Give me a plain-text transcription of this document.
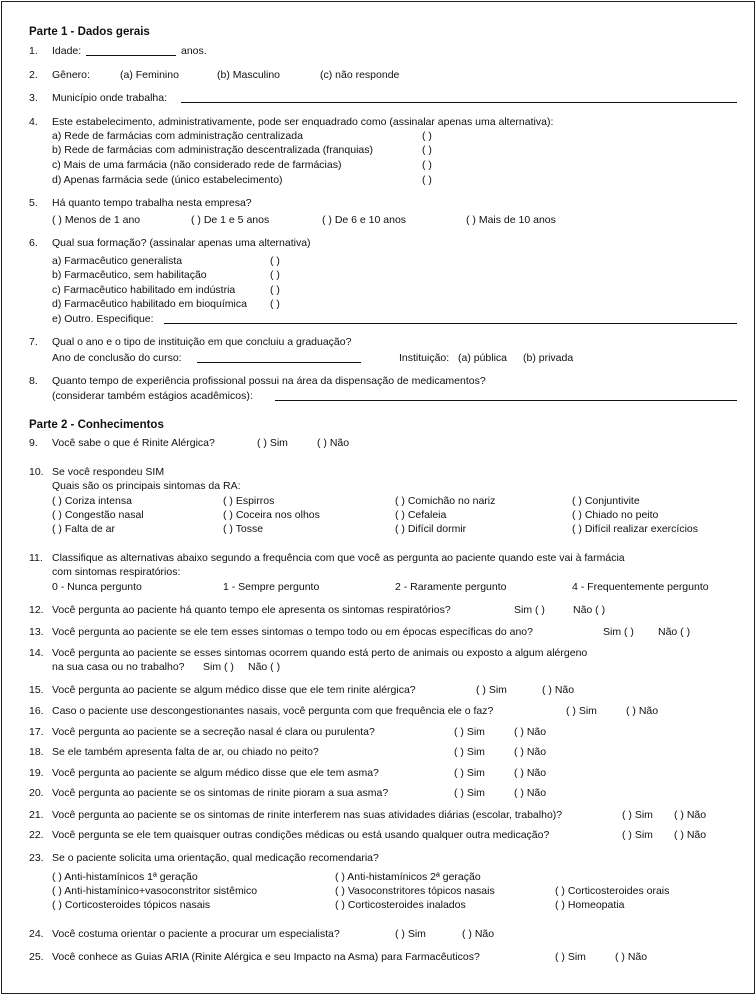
Parte 1 - Dados gerais
1. Idade:	anos.
2. Gênero:	(a) Feminino	(b) Masculino	(c) não responde
3. Município onde trabalha:
4. Este estabelecimento, administrativamente, pode ser enquadrado como (assinalar apenas uma alternativa):
a) Rede de farmácias com administração centralizada	( )
b) Rede de farmácias com administração descentralizada (franquias)	( )
c) Mais de uma farmácia (não considerado rede de farmácias)	( )
d) Apenas farmácia sede (único estabelecimento)	( )
5. Há quanto tempo trabalha nesta empresa?
( ) Menos de 1 ano	( ) De 1 e 5 anos	( ) De 6 e 10 anos	( ) Mais de 10 anos
6. Qual sua formação? (assinalar apenas uma alternativa)
a) Farmacêutico generalista	( )
b) Farmacêutico, sem habilitação	( )
c) Farmacêutico habilitado em indústria	( )
d) Farmacêutico habilitado em bioquímica ( )
e) Outro. Especifique:
7. Qual o ano e o tipo de instituição em que concluiu a graduação?
Ano de conclusão do curso:	Instituição: (a) pública (b) privada
8. Quanto tempo de experiência profissional possui na área da dispensação de medicamentos?
(considerar também estágios acadêmicos):
Parte 2 - Conhecimentos
9. Você sabe o que é Rinite Alérgica?	( ) Sim	( ) Não
10. Se você respondeu SIM
Quais são os principais sintomas da RA:
( ) Coriza intensa	( ) Espirros	( ) Comichão no nariz	( ) Conjuntivite
( ) Congestão nasal	( ) Coceira nos olhos	( ) Cefaleia	( ) Chiado no peito
( ) Falta de ar	( ) Tosse	( ) Difícil dormir	( ) Difícil realizar exercícios
11. Classifique as alternativas abaixo segundo a frequência com que você as pergunta ao paciente quando este vai à farmácia
com sintomas respiratórios:
0 - Nunca pergunto	1 - Sempre pergunto	2 - Raramente pergunto	4 - Frequentemente pergunto
12. Você pergunta ao paciente há quanto tempo ele apresenta os sintomas respiratórios?	Sim ( )	Não ( )
13. Você pergunta ao paciente se ele tem esses sintomas o tempo todo ou em épocas específicas do ano?	Sim ( ) Não ( )
14. Você pergunta ao paciente se esses sintomas ocorrem quando está perto de animais ou exposto a algum alérgeno
na sua casa ou no trabalho? Sim ( ) Não ( )
15. Você pergunta ao paciente se algum médico disse que ele tem rinite alérgica?	( ) Sim	( ) Não
16. Caso o paciente use descongestionantes nasais, você pergunta com que frequência ele o faz?	( ) Sim	( ) Não
17. Você pergunta ao paciente se a secreção nasal é clara ou purulenta?	( ) Sim	( ) Não
18. Se ele também apresenta falta de ar, ou chiado no peito?	( ) Sim	( ) Não
19. Você pergunta ao paciente se algum médico disse que ele tem asma?	( ) Sim	( ) Não
20. Você pergunta ao paciente se os sintomas de rinite pioram a sua asma?	( ) Sim	( ) Não
21. Você pergunta ao paciente se os sintomas de rinite interferem nas suas atividades diárias (escolar, trabalho)?	( ) Sim ( ) Não
22. Você pergunta se ele tem quaisquer outras condições médicas ou está usando qualquer outra medicação?	( ) Sim ( ) Não
23. Se o paciente solicita uma orientação, qual medicação recomendaria?
( ) Anti-histamínicos 1ª geração	( ) Anti-histamínicos 2ª geração
( ) Anti-histamínico+vasoconstritor sistêmico	( ) Vasoconstritores tópicos nasais	( ) Corticosteroides orais
( ) Corticosteroides tópicos nasais	( ) Corticosteroides inalados	( ) Homeopatia
24. Você costuma orientar o paciente a procurar um especialista?	( ) Sim	( ) Não
25. Você conhece as Guias ARIA (Rinite Alérgica e seu Impacto na Asma) para Farmacêuticos?	( ) Sim	( ) Não
